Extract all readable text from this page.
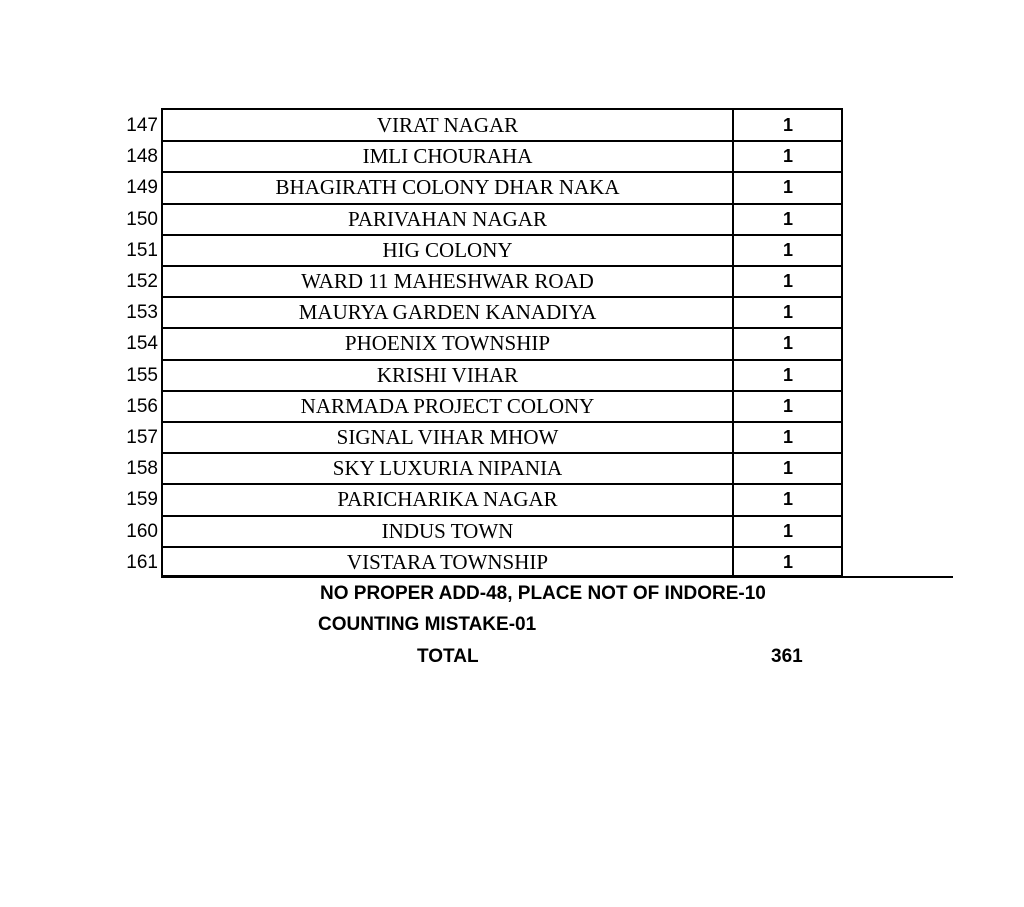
147	VIRAT NAGAR	1
148	IMLI CHOURAHA	1
149	BHAGIRATH COLONY DHAR NAKA	1
150	PARIVAHAN NAGAR	1
151	HIG COLONY	1
152	WARD 11 MAHESHWAR ROAD	1
153	MAURYA GARDEN KANADIYA	1
154	PHOENIX TOWNSHIP	1
155	KRISHI VIHAR	1
156	NARMADA PROJECT COLONY	1
157	SIGNAL VIHAR MHOW	1
158	SKY LUXURIA NIPANIA	1
159	PARICHARIKA NAGAR	1
160	INDUS TOWN	1
161	VISTARA TOWNSHIP	1
NO PROPER ADD-48, PLACE NOT OF INDORE-10
COUNTING MISTAKE-01
TOTAL	361
